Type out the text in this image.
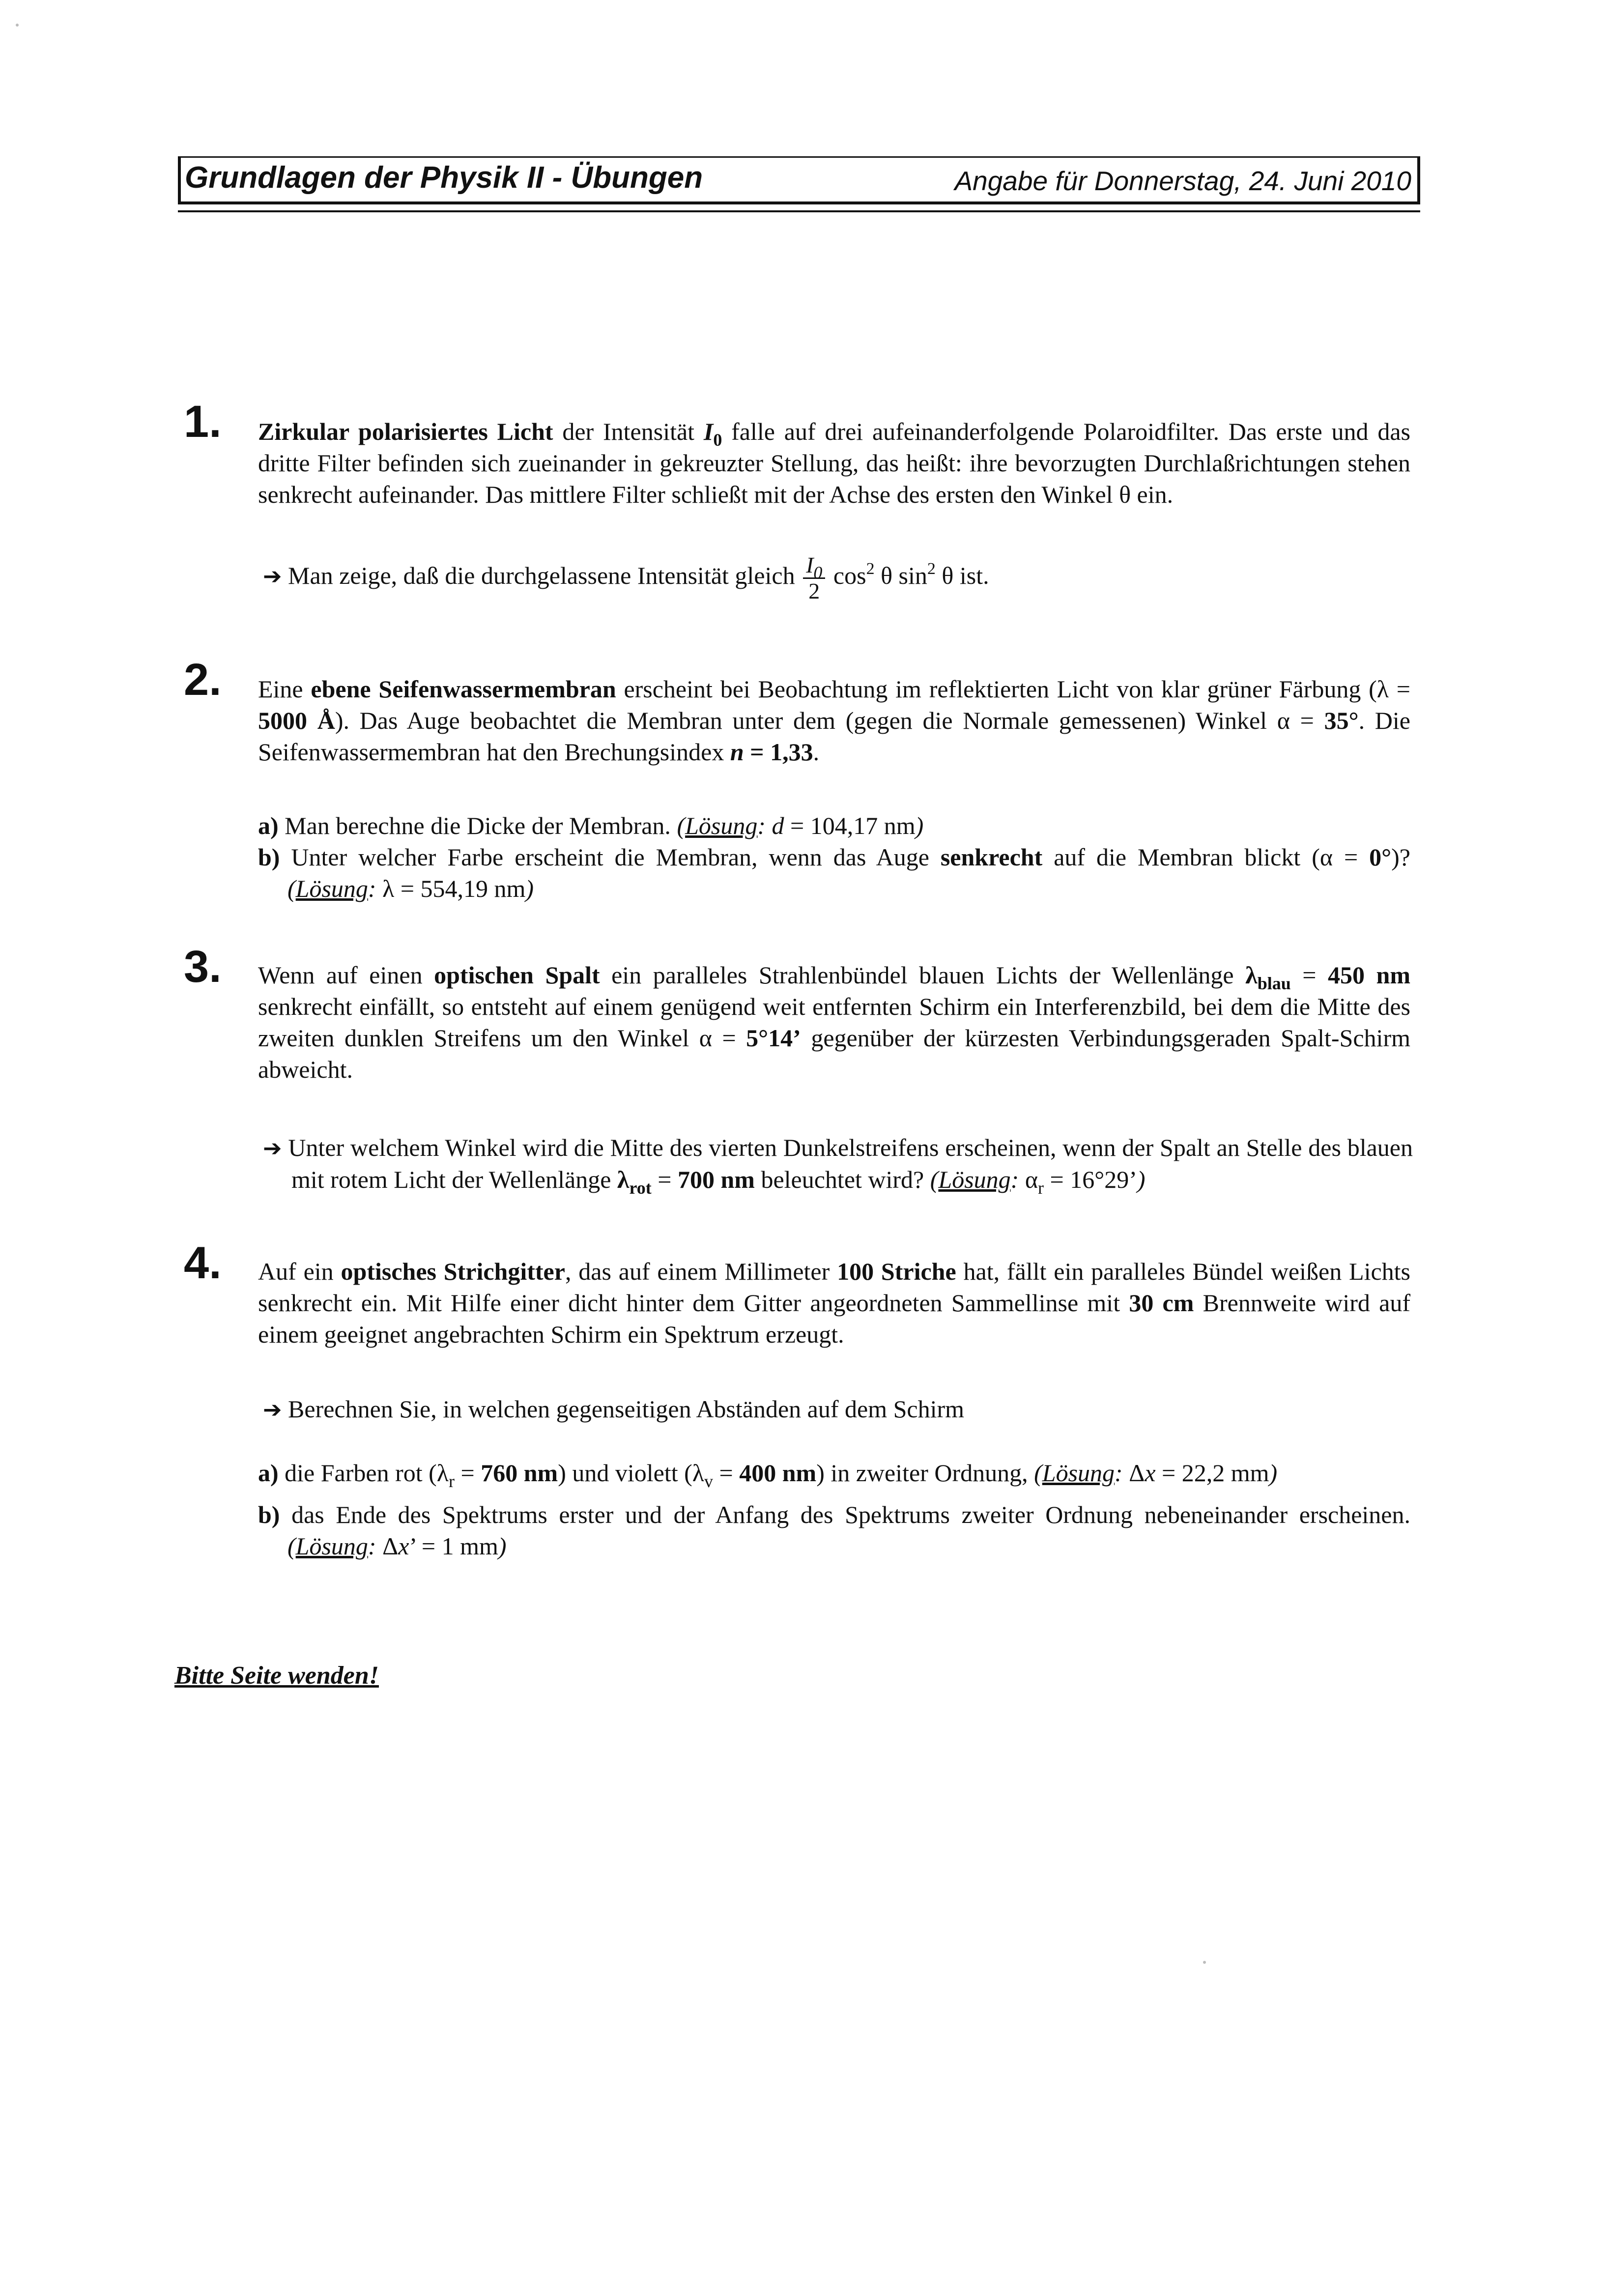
Grundlagen der Physik II - Übungen	Angabe für Donnerstag, 24. Juni 2010
1. Zirkular polarisiertes Licht der Intensität $I_0$ falle auf drei aufeinanderfolgende Polaroidfilter. Das erste und das dritte Filter befinden sich zueinander in gekreuzter Stellung, das heißt: ihre bevorzugten Durchlaßrichtungen stehen senkrecht aufeinander. Das mittlere Filter schließt mit der Achse des ersten den Winkel θ ein.
➔ Man zeige, daß die durchgelassene Intensität gleich $\frac{I_0}{2} \cos^2 \theta$ $\sin^2 \theta$ ist.
2. Eine ebene Seifenwassermembran erscheint bei Beobachtung im reflektierten Licht von klar grüner Färbung (λ = 5000 Å). Das Auge beobachtet die Membran unter dem (gegen die Normale gemessenen) Winkel α = 35°. Die Seifenwassermembran hat den Brechungsindex n = 1,33.
a) Man berechne die Dicke der Membran. (Lösung: d = 104,17 nm)
b) Unter welcher Farbe erscheint die Membran, wenn das Auge senkrecht auf die Membran blickt (α = 0°)? (Lösung: λ = 554,19 nm)
3. Wenn auf einen optischen Spalt ein paralleles Strahlenbündel blauen Lichts der Wellenlänge $\lambda_{blau} = 450$ nm senkrecht einfällt, so entsteht auf einem genügend weit entfernten Schirm ein Interferenzbild, bei dem die Mitte des zweiten dunklen Streifens um den Winkel α = 5°14’ gegenüber der kürzesten Verbindungsgeraden Spalt-Schirm abweicht.
➔ Unter welchem Winkel wird die Mitte des vierten Dunkelstreifens erscheinen, wenn der Spalt an Stelle des blauen mit rotem Licht der Wellenlänge $\lambda_{rot} = 700$ nm beleuchtet wird? (Lösung: $\alpha_r$ = 16°29’)
4. Auf ein optisches Strichgitter, das auf einem Millimeter 100 Striche hat, fällt ein paralleles Bündel weißen Lichts senkrecht ein. Mit Hilfe einer dicht hinter dem Gitter angeordneten Sammellinse mit 30 cm Brennweite wird auf einem geeignet angebrachten Schirm ein Spektrum erzeugt.
➔ Berechnen Sie, in welchen gegenseitigen Abständen auf dem Schirm
a) die Farben rot ($\lambda_r = 760$ nm) und violett ($\lambda_v = 400$ nm) in zweiter Ordnung, (Lösung: Δx = 22,2 mm)
b) das Ende des Spektrums erster und der Anfang des Spektrums zweiter Ordnung nebeneinander erscheinen. (Lösung: Δx’ = 1 mm)
Bitte Seite wenden!
